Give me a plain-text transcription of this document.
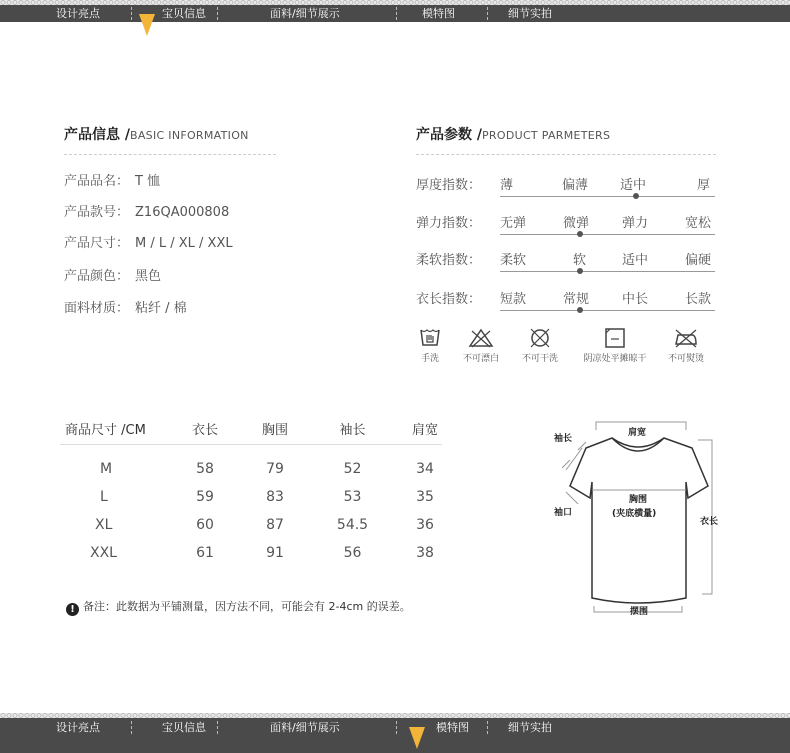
设计亮点	宝贝信息	面料/细节展示	模特图	细节实拍
产品信息 /BASIC INFORMATION
产品品名： T 恤
产品款号： Z16QA000808
产品尺寸： M / L / XL / XXL
产品颜色： 黑色
面料材质： 粘纤 / 棉
产品参数 /PRODUCT PARMETERS
厚度指数： 薄	偏薄 适中	厚
弹力指数： 无弹	微弹	弹力	宽松
柔软指数： 柔软	软	适中	偏硬
衣长指数： 短款	常规	中长	长款
手洗	不可漂白	不可干洗	阴凉处平摊晾干	不可熨烫
商品尺寸 /CM	衣长	胸围	袖长	肩宽
M	58	79	52	34
L	59	83	53	35
XL	60	87	54.5	36
XXL	61	91	56	38
! 备注：此数据为平铺测量，因方法不同，可能会有 2-4cm 的误差。
袖长
肩宽
袖口
胸围
(夹底横量)
衣长
摆围
设计亮点	宝贝信息	面料/细节展示	模特图	细节实拍
